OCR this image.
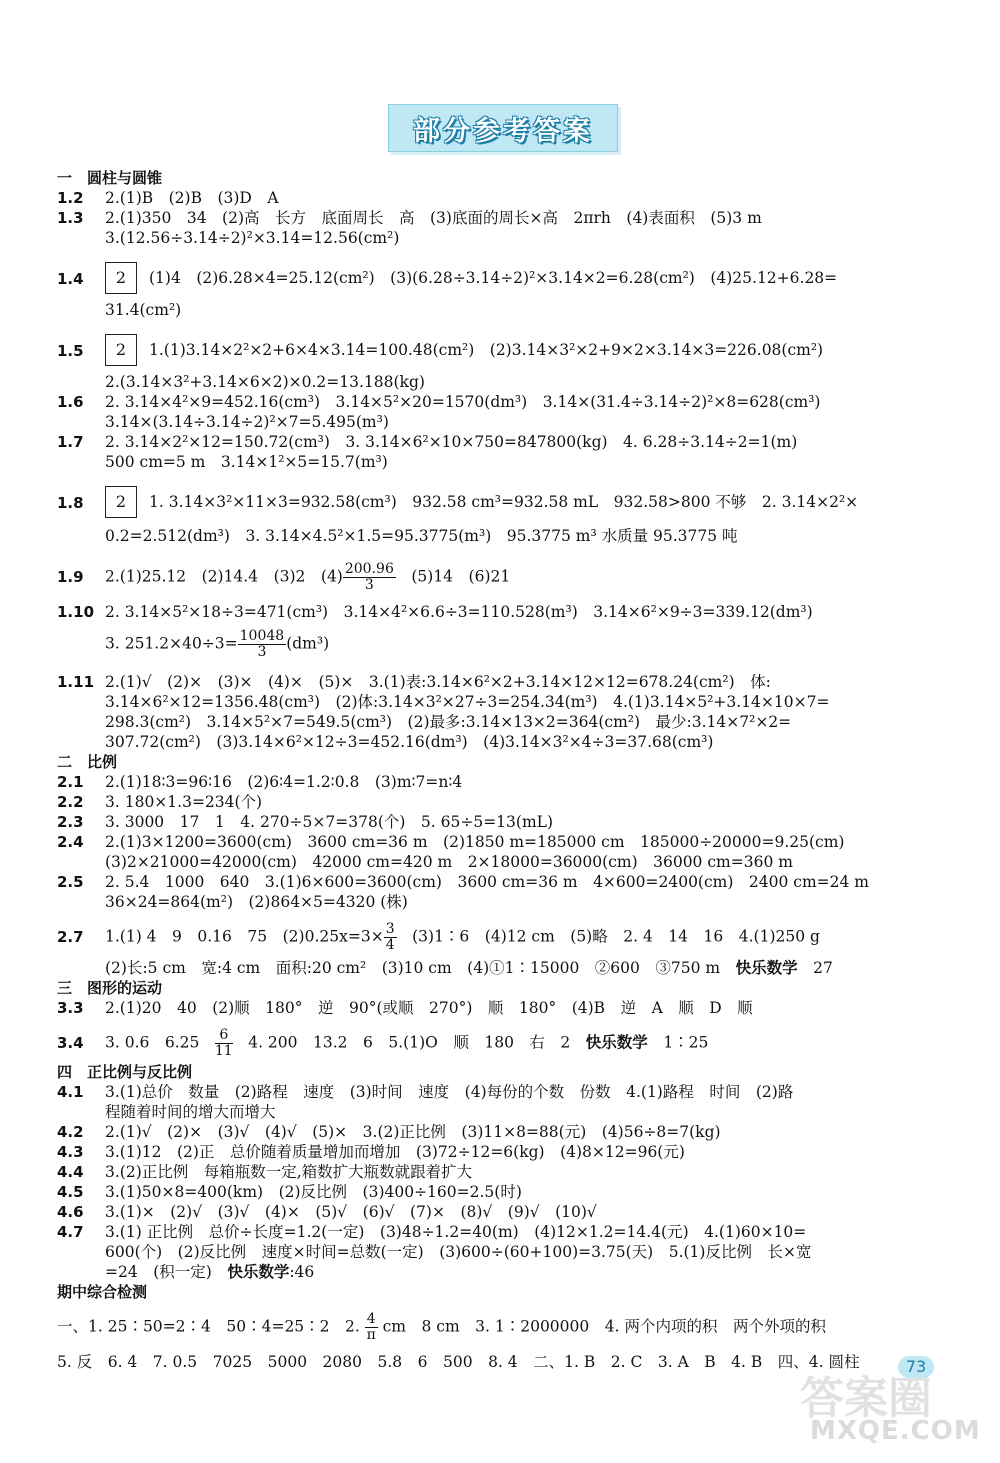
部分参考答案
一　圆柱与圆锥
1.2	2.(1)B　(2)B　(3)D　A
1.3	2.(1)350　34　(2)高　长方　底面周长　高　(3)底面的周长×高　2πrh　(4)表面积　(5)3 m
3.(12.56÷3.14÷2)²×3.14=12.56(cm²)
1.4	2	(1)4　(2)6.28×4=25.12(cm²)　(3)(6.28÷3.14÷2)²×3.14×2=6.28(cm²)　(4)25.12+6.28=
31.4(cm²)
1.5	2	1.(1)3.14×2²×2+6×4×3.14=100.48(cm²)　(2)3.14×3²×2+9×2×3.14×3=226.08(cm²)
2.(3.14×3²+3.14×6×2)×0.2=13.188(kg)
1.6	2. 3.14×4²×9=452.16(cm³)　3.14×5²×20=1570(dm³)　3.14×(31.4÷3.14÷2)²×8=628(cm³)
3.14×(3.14÷3.14÷2)²×7=5.495(m³)
1.7	2. 3.14×2²×12=150.72(cm³)　3. 3.14×6²×10×750=847800(kg)　4. 6.28÷3.14÷2=1(m)
500 cm=5 m　3.14×1²×5=15.7(m³)
1.8	2	1. 3.14×3²×11×3=932.58(cm³)　932.58 cm³=932.58 mL　932.58>800 不够　2. 3.14×2²×
0.2=2.512(dm³)　3. 3.14×4.5²×1.5=95.3775(m³)　95.3775 m³ 水质量 95.3775 吨
1.9	2.(1)25.12　(2)14.4　(3)2　$(4) \frac{200.96}{3}$ 　(5)14　(6)21
1.10 2. 3.14×5²×18÷3=471(cm³)　3.14×4²×6.6÷3=110.528(m³)　3.14×6²×9÷3=339.12(dm³)
3. $251.2\times 40\div 3= \frac{10048}{3} (dm^3)$
1.11 2.(1)√　(2)×　(3)×　(4)×　(5)×　3.(1)表:3.14×6²×2+3.14×12×12=678.24(cm²)　体:
3.14×6²×12=1356.48(cm³)　(2)体:3.14×3²×27÷3=254.34(m³)　4.(1)3.14×5²+3.14×10×7=
298.3(cm²)　3.14×5²×7=549.5(cm³)　(2)最多:3.14×13×2=364(cm²)　最少:3.14×7²×2=
307.72(cm²)　(3)3.14×6²×12÷3=452.16(dm³)　(4)3.14×3²×4÷3=37.68(cm³)
二　比例
2.1	2.(1)18∶3=96∶16　(2)6∶4=1.2∶0.8　(3)m∶7=n∶4
2.2	3. 180×1.3=234(个)
2.3	3. 3000　17　1　4. 270÷5×7=378(个)　5. 65÷5=13(mL)
2.4	2.(1)3×1200=3600(cm)　3600 cm=36 m　(2)1850 m=185000 cm　185000÷20000=9.25(cm)
(3)2×21000=42000(cm)　42000 cm=420 m　2×18000=36000(cm)　36000 cm=360 m
2.5	2. 5.4　1000　640　3.(1)6×600=3600(cm)　3600 cm=36 m　4×600=2400(cm)　2400 cm=24 m
36×24=864(m²)　(2)864×5=4320 (株)
2.7	1.(1) 4　9　0.16　75　$(2)0.25x=3\times \frac{3}{4}$ 　(3)1∶6　(4)12 cm　(5)略　2. 4　14　16　4.(1)250 g
(2)长:5 cm　宽:4 cm　面积:20 cm²　(3)10 cm　(4)①1∶15000　②600　③750 m　快乐数学　27
三　图形的运动
3.3	2.(1)20　40　(2)顺　180°　逆　90°(或顺　270°)　顺　180°　(4)B　逆　A　顺　D　顺
3.4	3. 0.6　6.25　 $\frac{6}{11}$ 　4. 200　13.2　6　5.(1)O　顺　180　右　2　快乐数学　1∶25
四　正比例与反比例
4.1	3.(1)总价　数量　(2)路程　速度　(3)时间　速度　(4)每份的个数　份数　4.(1)路程　时间　(2)路
程随着时间的增大而增大
4.2	2.(1)√　(2)×　(3)√　(4)√　(5)×　3.(2)正比例　(3)11×8=88(元)　(4)56÷8=7(kg)
4.3	3.(1)12　(2)正　总价随着质量增加而增加　(3)72÷12=6(kg)　(4)8×12=96(元)
4.4	3.(2)正比例　每箱瓶数一定,箱数扩大瓶数就跟着扩大
4.5	3.(1)50×8=400(km)　(2)反比例　(3)400÷160=2.5(时)
4.6	3.(1)×　(2)√　(3)√　(4)×　(5)√　(6)√　(7)×　(8)√　(9)√　(10)√
4.7	3.(1) 正比例　总价÷长度=1.2(一定)　(3)48÷1.2=40(m)　(4)12×1.2=14.4(元)　4.(1)60×10=
600(个)　(2)反比例　速度×时间=总数(一定)　(3)600÷(60+100)=3.75(天)　5.(1)反比例　长×宽
=24　(积一定)　快乐数学:46
期中综合检测
一、1. 25∶50=2∶4　50∶4=25∶2　2. $\frac{4}{\pi}$ cm　8 cm　3. 1∶2000000　4. 两个内项的积　两个外项的积
5. 反　6. 4　7. 0.5　7025　5000　2080　5.8　6　500　8. 4　二、1. B　2. C　3. A　B　4. B　四、4. 圆柱	73
答案圈
MXQE.COM
